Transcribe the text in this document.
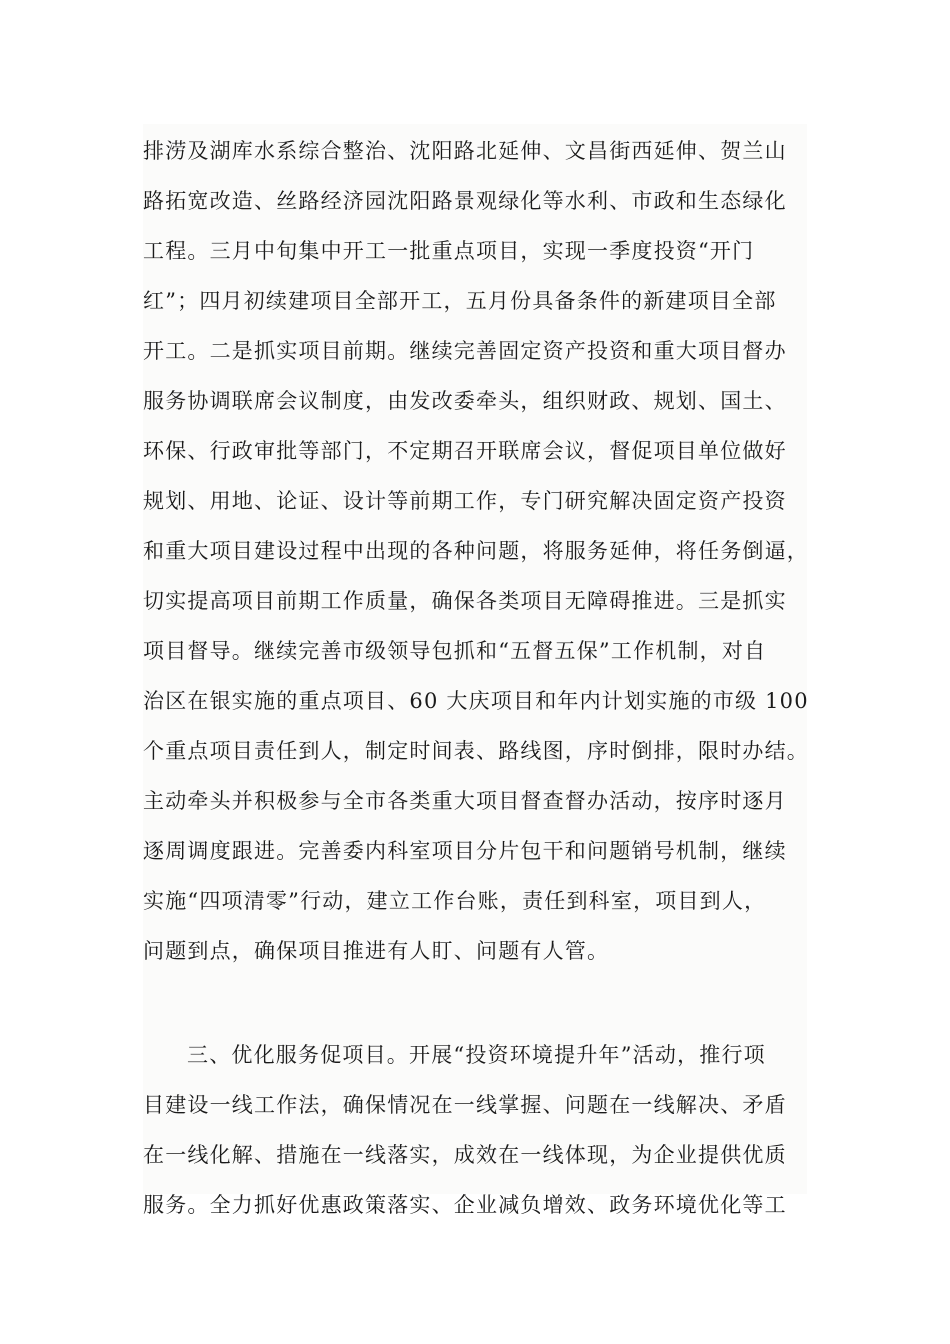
排涝及湖库水系综合整治、沈阳路北延伸、文昌街西延伸、贺兰山
路拓宽改造、丝路经济园沈阳路景观绿化等水利、市政和生态绿化
工程。三月中旬集中开工一批重点项目，实现一季度投资“开门
红”；四月初续建项目全部开工，五月份具备条件的新建项目全部
开工。二是抓实项目前期。继续完善固定资产投资和重大项目督办
服务协调联席会议制度，由发改委牵头，组织财政、规划、国土、
环保、行政审批等部门，不定期召开联席会议，督促项目单位做好
规划、用地、论证、设计等前期工作，专门研究解决固定资产投资
和重大项目建设过程中出现的各种问题，将服务延伸，将任务倒逼，
切实提高项目前期工作质量，确保各类项目无障碍推进。三是抓实
项目督导。继续完善市级领导包抓和“五督五保”工作机制，对自
治区在银实施的重点项目、60 大庆项目和年内计划实施的市级 100
个重点项目责任到人，制定时间表、路线图，序时倒排，限时办结。
主动牵头并积极参与全市各类重大项目督查督办活动，按序时逐月
逐周调度跟进。完善委内科室项目分片包干和问题销号机制，继续
实施“四项清零”行动，建立工作台账，责任到科室，项目到人，
问题到点，确保项目推进有人盯、问题有人管。
三、优化服务促项目。开展“投资环境提升年”活动，推行项
目建设一线工作法，确保情况在一线掌握、问题在一线解决、矛盾
在一线化解、措施在一线落实，成效在一线体现，为企业提供优质
服务。全力抓好优惠政策落实、企业减负增效、政务环境优化等工
